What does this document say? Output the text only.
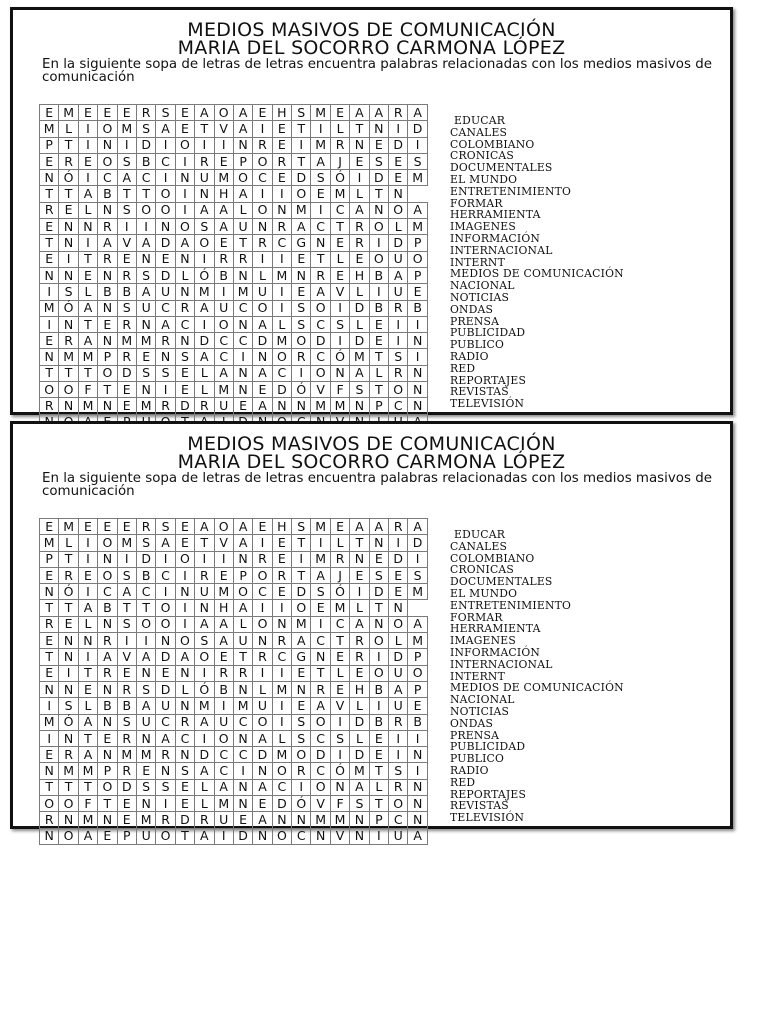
MEDIOS MASIVOS DE COMUNICACIÓN
MARIA DEL SOCORRO CARMONA LÓPEZ
En la siguiente sopa de letras de letras encuentra palabras relacionadas con los medios masivos de comunicación
E	M	E	E	E	R	S	E	A	O	A	E	H	S	M	E	A	A	R	A
M	L	I	O	M	S	A	E	T	V	A	I	E	T	I	L	T	N	I	D
P	T	I	N	I	D	I	O	I	I	N	R	E	I	M	R	N	E	D	I
E	R	E	O	S	B	C	I	R	E	P	O	R	T	A	J	E	S	E	S
N	Ó	I	C	A	C	I	N	U	M	O	C	E	D	S	Ó	I	D	E	M
T	T	A	B	T	T	O	I	N	H	A	I	I	O	E	M	L	T	N	
R	E	L	N	S	O	O	I	A	A	L	O	N	M	I	C	A	N	O	A
E	N	N	R	I	I	N	O	S	A	U	N	R	A	C	T	R	O	L	M
T	N	I	A	V	A	D	A	O	E	T	R	C	G	N	E	R	I	D	P
E	I	T	R	E	N	E	N	I	R	R	I	I	E	T	L	E	O	U	O
N	N	E	N	R	S	D	L	Ó	B	N	L	M	N	R	E	H	B	A	P
I	S	L	B	B	A	U	N	M	I	M	U	I	E	A	V	L	I	U	E
M	Ó	A	N	S	U	C	R	A	U	C	O	I	S	O	I	D	B	R	B
I	N	T	E	R	N	A	C	I	O	N	A	L	S	C	S	L	E	I	I
E	R	A	N	M	M	R	N	D	C	C	D	M	O	D	I	D	E	I	N
N	M	M	P	R	E	N	S	A	C	I	N	O	R	C	Ó	M	T	S	I
T	T	T	O	D	S	S	E	L	A	N	A	C	I	O	N	A	L	R	N
O	O	F	T	E	N	I	E	L	M	N	E	D	Ó	V	F	S	T	O	N
R	N	M	N	E	M	R	D	R	U	E	A	N	N	M	M	N	P	C	N

EDUCAR
CANALES
COLOMBIANO
CRONICAS
DOCUMENTALES
EL MUNDO
ENTRETENIMIENTO
FORMAR
HERRAMIENTA
IMAGENES
INFORMACIÓN
INTERNACIONAL
INTERNT
MEDIOS DE COMUNICACIÓN
NACIONAL
NOTICIAS
ONDAS
PRENSA
PUBLICIDAD
PUBLICO
RADIO
RED
REPORTAJES
REVISTAS
TELEVISIÓN
MEDIOS MASIVOS DE COMUNICACIÓN
MARIA DEL SOCORRO CARMONA LÓPEZ
En la siguiente sopa de letras de letras encuentra palabras relacionadas con los medios masivos de comunicación
E	M	E	E	E	R	S	E	A	O	A	E	H	S	M	E	A	A	R	A
M	L	I	O	M	S	A	E	T	V	A	I	E	T	I	L	T	N	I	D
P	T	I	N	I	D	I	O	I	I	N	R	E	I	M	R	N	E	D	I
E	R	E	O	S	B	C	I	R	E	P	O	R	T	A	J	E	S	E	S
N	Ó	I	C	A	C	I	N	U	M	O	C	E	D	S	Ó	I	D	E	M
T	T	A	B	T	T	O	I	N	H	A	I	I	O	E	M	L	T	N	
R	E	L	N	S	O	O	I	A	A	L	O	N	M	I	C	A	N	O	A
E	N	N	R	I	I	N	O	S	A	U	N	R	A	C	T	R	O	L	M
T	N	I	A	V	A	D	A	O	E	T	R	C	G	N	E	R	I	D	P
E	I	T	R	E	N	E	N	I	R	R	I	I	E	T	L	E	O	U	O
N	N	E	N	R	S	D	L	Ó	B	N	L	M	N	R	E	H	B	A	P
I	S	L	B	B	A	U	N	M	I	M	U	I	E	A	V	L	I	U	E
M	Ó	A	N	S	U	C	R	A	U	C	O	I	S	O	I	D	B	R	B
I	N	T	E	R	N	A	C	I	O	N	A	L	S	C	S	L	E	I	I
E	R	A	N	M	M	R	N	D	C	C	D	M	O	D	I	D	E	I	N
N	M	M	P	R	E	N	S	A	C	I	N	O	R	C	Ó	M	T	S	I
T	T	T	O	D	S	S	E	L	A	N	A	C	I	O	N	A	L	R	N
O	O	F	T	E	N	I	E	L	M	N	E	D	Ó	V	F	S	T	O	N
R	N	M	N	E	M	R	D	R	U	E	A	N	N	M	M	N	P	C	N
N	O	A	E	P	U	O	T	A	I	D	N	O	C	N	V	N	I	U	A
EDUCAR
CANALES
COLOMBIANO
CRONICAS
DOCUMENTALES
EL MUNDO
ENTRETENIMIENTO
FORMAR
HERRAMIENTA
IMAGENES
INFORMACIÓN
INTERNACIONAL
INTERNT
MEDIOS DE COMUNICACIÓN
NACIONAL
NOTICIAS
ONDAS
PRENSA
PUBLICIDAD
PUBLICO
RADIO
RED
REPORTAJES
REVISTAS
TELEVISIÓN
